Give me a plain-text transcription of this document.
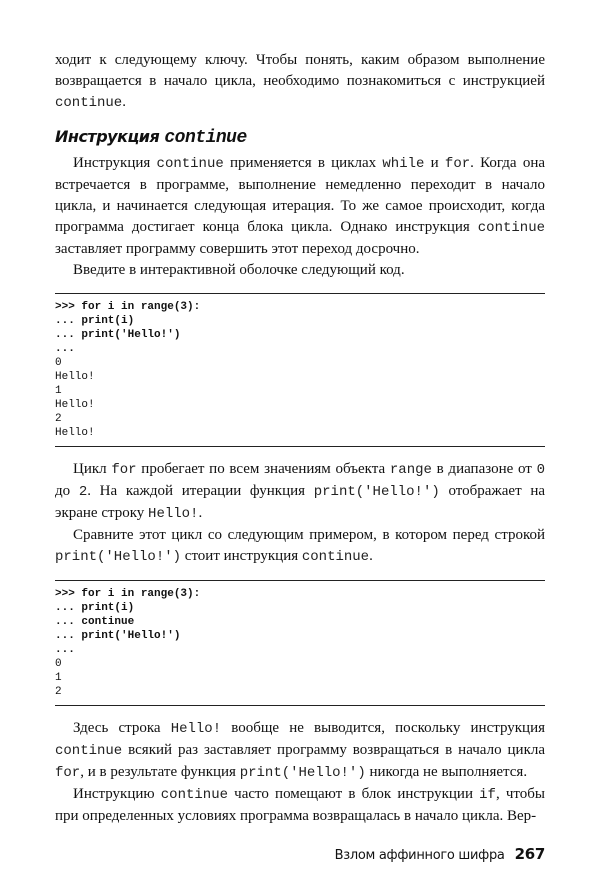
ходит к следующему ключу. Чтобы понять, каким образом выполнение возвращается в начало цикла, необходимо познакомиться с инструкцией continue.

Инструкция continue

Инструкция continue применяется в циклах while и for. Когда она встречается в программе, выполнение немедленно переходит в начало цикла, и начинается следующая итерация. То же самое происходит, когда программа достигает конца блока цикла. Однако инструкция continue заставляет программу совершить этот переход досрочно.

Введите в интерактивной оболочке следующий код.

>>> for i in range(3):
... print(i)
... print('Hello!')
...
0
Hello!
1
Hello!
2
Hello!

Цикл for пробегает по всем значениям объекта range в диапазоне от 0 до 2. На каждой итерации функция print('Hello!') отображает на экране строку Hello!.

Сравните этот цикл со следующим примером, в котором перед строкой print('Hello!') стоит инструкция continue.

>>> for i in range(3):
... print(i)
... continue
... print('Hello!')
...
0
1
2

Здесь строка Hello! вообще не выводится, поскольку инструкция continue всякий раз заставляет программу возвращаться в начало цикла for, и в результате функция print('Hello!') никогда не выполняется.

Инструкцию continue часто помещают в блок инструкции if, чтобы при определенных условиях программа возвращалась в начало цикла. Вер-

Взлом аффинного шифра 267
